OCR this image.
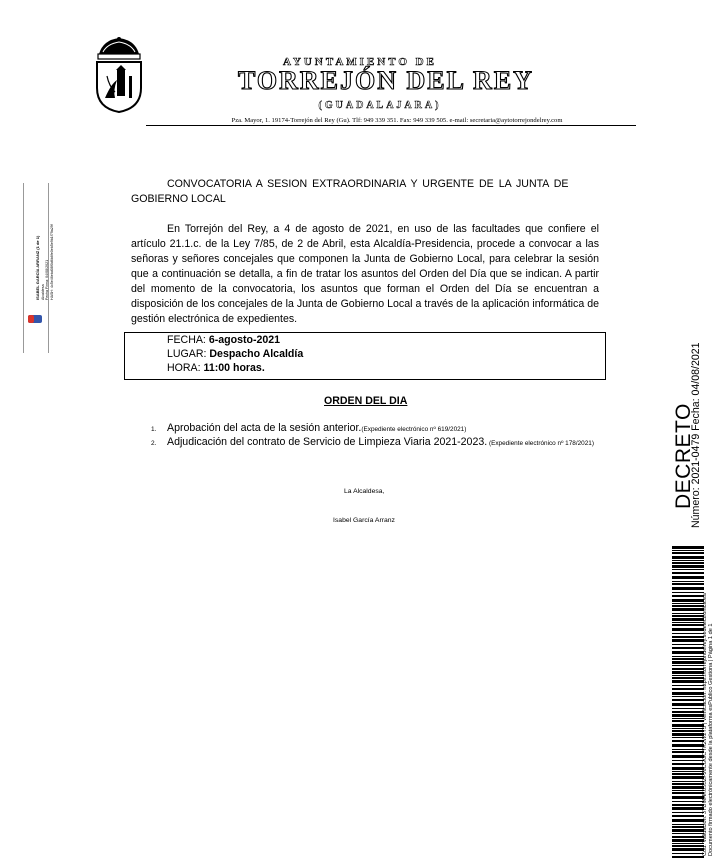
AYUNTAMIENTO DE
TORREJÓN DEL REY
(GUADALAJARA)
Pza. Mayor, 1. 19174-Torrejón del Rey (Gu). Tlf: 949 339 351. Fax: 949 339 505. e-mail: secretaria@aytotorrejondelrey.com
ISABEL GARCÍA ARRANZ (1 de 1) Alcaldesa Fecha Firma: 04/08/2021 HASH: 4c5e46ebd08f0d6b6fe0eb5e9b1f79a29f
CONVOCATORIA A SESION EXTRAORDINARIA Y URGENTE DE LA JUNTA DE
GOBIERNO LOCAL
En Torrejón del Rey, a 4 de agosto de 2021, en uso de las facultades que confiere el artículo 21.1.c. de la Ley 7/85, de 2 de Abril, esta Alcaldía-Presidencia, procede a convocar a las señoras y señores concejales que componen la Junta de Gobierno Local, para celebrar la sesión que a continuación se detalla, a fin de tratar los asuntos del Orden del Día que se indican. A partir del momento de la convocatoria, los asuntos que forman el Orden del Día se encuentran a disposición de los concejales de la Junta de Gobierno Local a través de la aplicación informática de gestión electrónica de expedientes.
FECHA: 6-agosto-2021
LUGAR: Despacho Alcaldía
HORA: 11:00 horas.
ORDEN DEL DIA
1. Aprobación del acta de la sesión anterior.(Expediente electrónico nº 619/2021)
2. Adjudicación del contrato de Servicio de Limpieza Viaria 2021-2023. (Expediente electrónico nº 178/2021)
La Alcaldesa,
Isabel García Arranz
DECRETO
Número: 2021-0479 Fecha: 04/08/2021
Cód. Validación: 3TDMHK6S3ZFJ6CGGCYK2W2Y5 | Verificación: https://torrejondelrey.sedelectronica.es/ Documento firmado electrónicamente desde la plataforma esPublico Gestiona | Página 1 de 1
